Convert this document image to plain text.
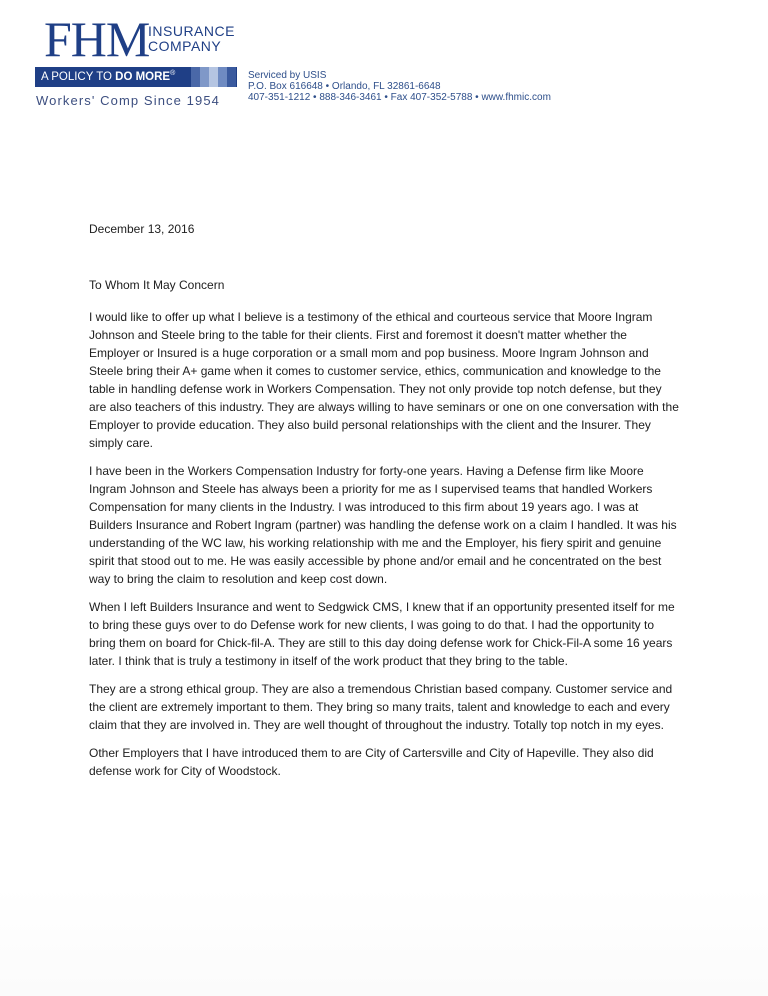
FHM
INSURANCE
COMPANY
A POLICY TO DO MORE®
Workers' Comp Since 1954
Serviced by USIS
P.O. Box 616648 • Orlando, FL 32861-6648
407-351-1212 • 888-346-3461 • Fax 407-352-5788 • www.fhmic.com

December 13, 2016

To Whom It May Concern

I would like to offer up what I believe is a testimony of the ethical and courteous service that Moore Ingram Johnson and Steele bring to the table for their clients. First and foremost it doesn't matter whether the Employer or Insured is a huge corporation or a small mom and pop business. Moore Ingram Johnson and Steele bring their A+ game when it comes to customer service, ethics, communication and knowledge to the table in handling defense work in Workers Compensation. They not only provide top notch defense, but they are also teachers of this industry. They are always willing to have seminars or one on one conversation with the Employer to provide education. They also build personal relationships with the client and the Insurer. They simply care.

I have been in the Workers Compensation Industry for forty-one years. Having a Defense firm like Moore Ingram Johnson and Steele has always been a priority for me as I supervised teams that handled Workers Compensation for many clients in the Industry. I was introduced to this firm about 19 years ago. I was at Builders Insurance and Robert Ingram (partner) was handling the defense work on a claim I handled. It was his understanding of the WC law, his working relationship with me and the Employer, his fiery spirit and genuine spirit that stood out to me. He was easily accessible by phone and/or email and he concentrated on the best way to bring the claim to resolution and keep cost down.

When I left Builders Insurance and went to Sedgwick CMS, I knew that if an opportunity presented itself for me to bring these guys over to do Defense work for new clients, I was going to do that. I had the opportunity to bring them on board for Chick-fil-A. They are still to this day doing defense work for Chick-Fil-A some 16 years later. I think that is truly a testimony in itself of the work product that they bring to the table.

They are a strong ethical group. They are also a tremendous Christian based company. Customer service and the client are extremely important to them. They bring so many traits, talent and knowledge to each and every claim that they are involved in. They are well thought of throughout the industry. Totally top notch in my eyes.

Other Employers that I have introduced them to are City of Cartersville and City of Hapeville. They also did defense work for City of Woodstock.
